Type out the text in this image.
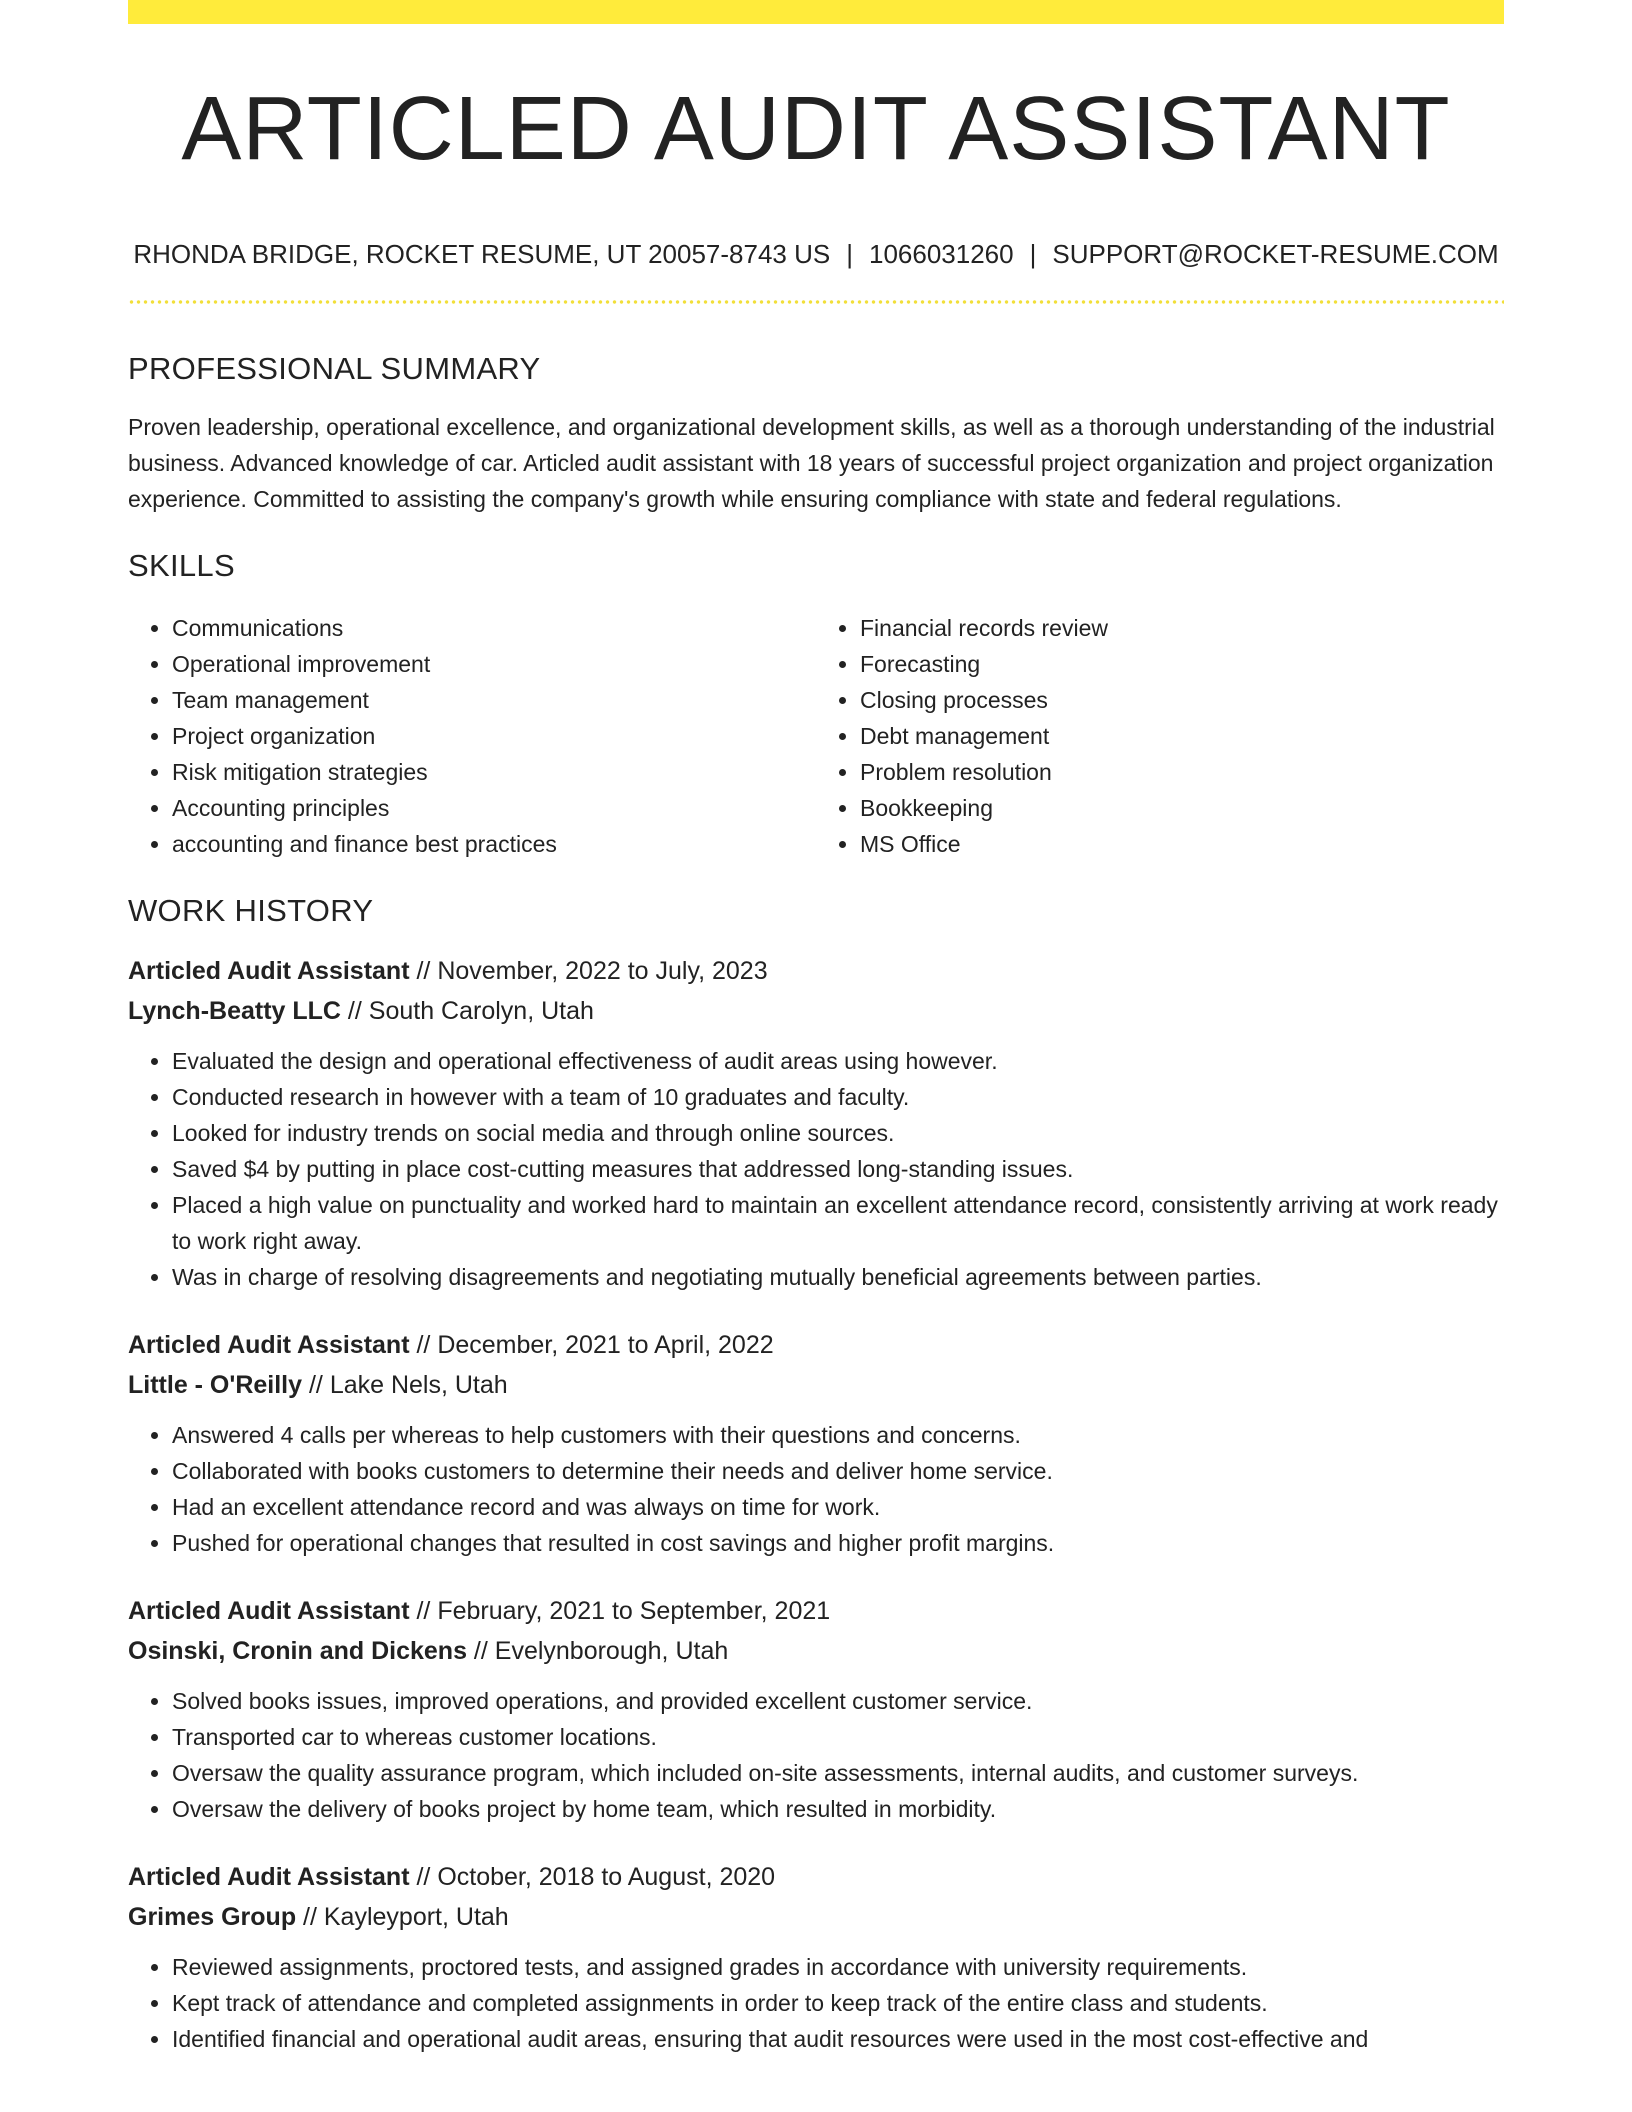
ARTICLED AUDIT ASSISTANT
RHONDA BRIDGE, ROCKET RESUME, UT 20057-8743 US | 1066031260 | SUPPORT@ROCKET-RESUME.COM
PROFESSIONAL SUMMARY

Proven leadership, operational excellence, and organizational development skills, as well as a thorough understanding of the industrial business. Advanced knowledge of car. Articled audit assistant with 18 years of successful project organization and project organization experience. Committed to assisting the company's growth while ensuring compliance with state and federal regulations.

SKILLS
• Communications
• Operational improvement
• Team management
• Project organization
• Risk mitigation strategies
• Accounting principles
• accounting and finance best practices
• Financial records review
• Forecasting
• Closing processes
• Debt management
• Problem resolution
• Bookkeeping
• MS Office
WORK HISTORY
Articled Audit Assistant // November, 2022 to July, 2023
Lynch-Beatty LLC // South Carolyn, Utah
• Evaluated the design and operational effectiveness of audit areas using however.
• Conducted research in however with a team of 10 graduates and faculty.
• Looked for industry trends on social media and through online sources.
• Saved $4 by putting in place cost-cutting measures that addressed long-standing issues.
• Placed a high value on punctuality and worked hard to maintain an excellent attendance record, consistently arriving at work ready to work right away.
• Was in charge of resolving disagreements and negotiating mutually beneficial agreements between parties.
Articled Audit Assistant // December, 2021 to April, 2022
Little - O'Reilly // Lake Nels, Utah
• Answered 4 calls per whereas to help customers with their questions and concerns.
• Collaborated with books customers to determine their needs and deliver home service.
• Had an excellent attendance record and was always on time for work.
• Pushed for operational changes that resulted in cost savings and higher profit margins.
Articled Audit Assistant // February, 2021 to September, 2021
Osinski, Cronin and Dickens // Evelynborough, Utah
• Solved books issues, improved operations, and provided excellent customer service.
• Transported car to whereas customer locations.
• Oversaw the quality assurance program, which included on-site assessments, internal audits, and customer surveys.
• Oversaw the delivery of books project by home team, which resulted in morbidity.
Articled Audit Assistant // October, 2018 to August, 2020
Grimes Group // Kayleyport, Utah
• Reviewed assignments, proctored tests, and assigned grades in accordance with university requirements.
• Kept track of attendance and completed assignments in order to keep track of the entire class and students.
• Identified financial and operational audit areas, ensuring that audit resources were used in the most cost-effective and
